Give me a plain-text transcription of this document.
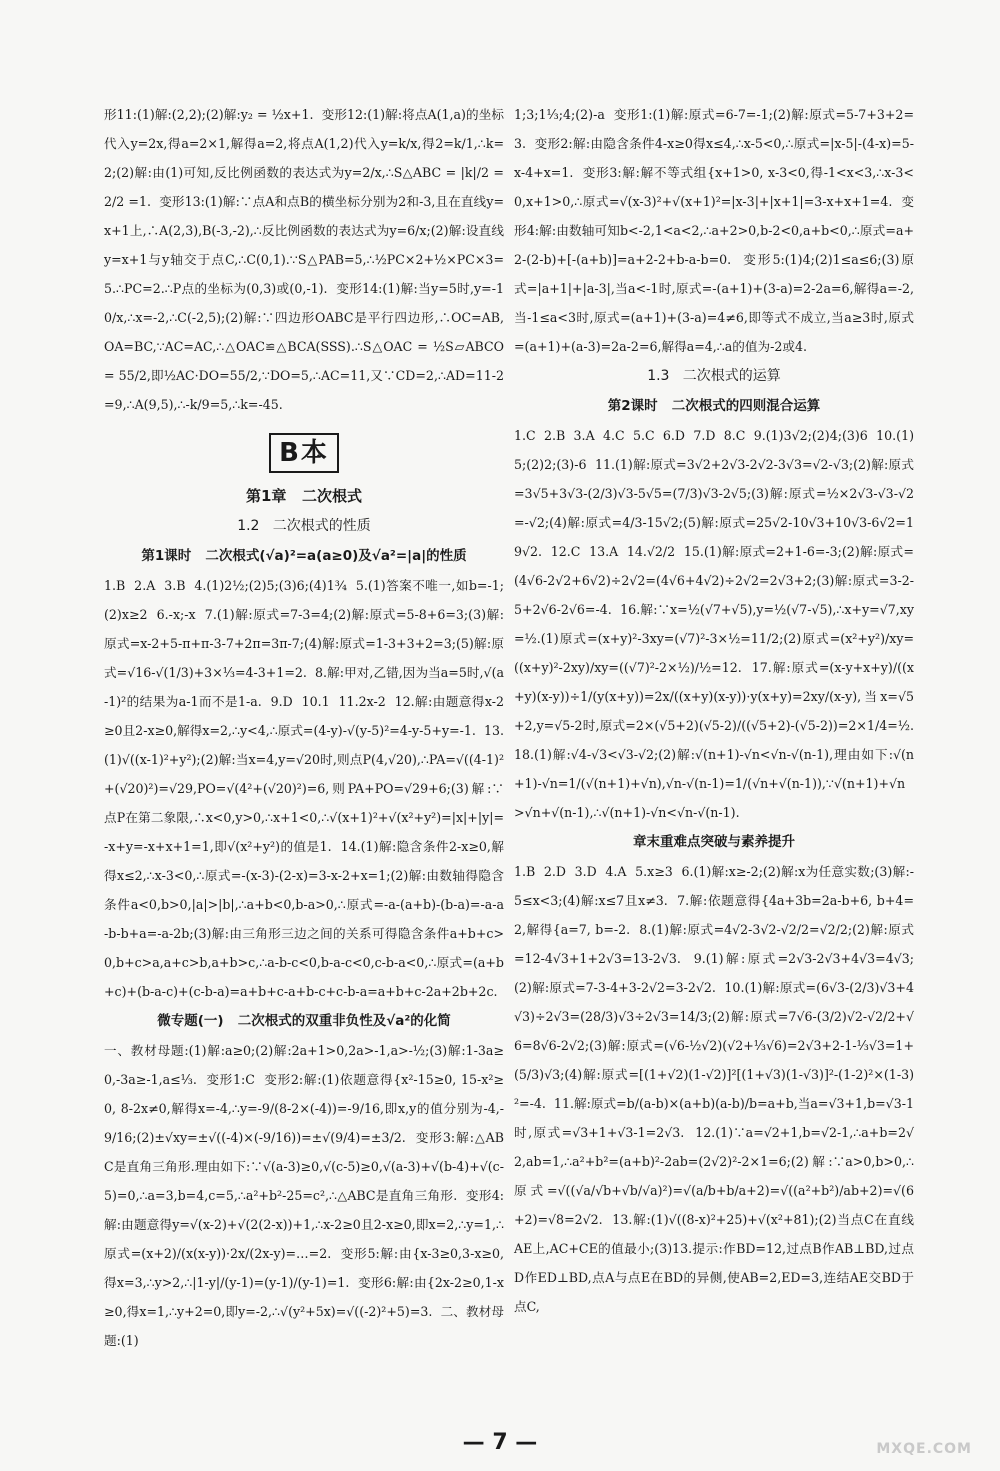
形11:(1)解:(2,2);(2)解:y₂ = ½x+1.  变形12:(1)解:将点A(1,a)的坐标代入y=2x,得a=2×1,解得a=2,将点A(1,2)代入y=k/x,得2=k/1,∴k=2;(2)解:由(1)可知,反比例函数的表达式为y=2/x,∴S△ABC = |k|/2 = 2/2 =1.  变形13:(1)解:∵点A和点B的横坐标分别为2和-3,且在直线y=x+1上,∴A(2,3),B(-3,-2),∴反比例函数的表达式为y=6/x;(2)解:设直线y=x+1与y轴交于点C,∴C(0,1).∵S△PAB=5,∴½PC×2+½×PC×3=5.∴PC=2.∴P点的坐标为(0,3)或(0,-1).  变形14:(1)解:当y=5时,y=-10/x,∴x=-2,∴C(-2,5);(2)解:∵四边形OABC是平行四边形,∴OC=AB,OA=BC,∵AC=AC,∴△OAC≌△BCA(SSS).∴S△OAC = ½S▱ABCO = 55/2,即½AC·DO=55/2,∵DO=5,∴AC=11,又∵CD=2,∴AD=11-2=9,∴A(9,5),∴-k/9=5,∴k=-45.

B本

第1章   二次根式

1.2   二次根式的性质

第1课时   二次根式(√a)²=a(a≥0)及√a²=|a|的性质

1.B  2.A  3.B  4.(1)2½;(2)5;(3)6;(4)1¾  5.(1)答案不唯一,如b=-1;(2)x≥2  6.-x;-x  7.(1)解:原式=7-3=4;(2)解:原式=5-8+6=3;(3)解:原式=x-2+5-π+π-3-7+2π=3π-7;(4)解:原式=1-3+3+2=3;(5)解:原式=√16-√(1/3)+3×⅓=4-3+1=2.  8.解:甲对,乙错,因为当a=5时,√(a-1)²的结果为a-1而不是1-a.  9.D  10.1  11.2x-2  12.解:由题意得x-2≥0且2-x≥0,解得x=2,∴y<4,∴原式=(4-y)-√(y-5)²=4-y-5+y=-1.  13.(1)√((x-1)²+y²);(2)解:当x=4,y=√20时,则点P(4,√20),∴PA=√((4-1)²+(√20)²)=√29,PO=√(4²+(√20)²)=6,则PA+PO=√29+6;(3)解:∵点P在第二象限,∴x<0,y>0,∴x+1<0,∴√(x+1)²+√(x²+y²)=|x|+|y|=-x+y=-x+x+1=1,即√(x²+y²)的值是1.  14.(1)解:隐含条件2-x≥0,解得x≤2,∴x-3<0,∴原式=-(x-3)-(2-x)=3-x-2+x=1;(2)解:由数轴得隐含条件a<0,b>0,|a|>|b|,∴a+b<0,b-a>0,∴原式=-a-(a+b)-(b-a)=-a-a-b-b+a=-a-2b;(3)解:由三角形三边之间的关系可得隐含条件a+b+c>0,b+c>a,a+c>b,a+b>c,∴a-b-c<0,b-a-c<0,c-b-a<0,∴原式=(a+b+c)+(b-a-c)+(c-b-a)=a+b+c-a+b-c+c-b-a=a+b+c-2a+2b+2c.

微专题(一)   二次根式的双重非负性及√a²的化简

一、教材母题:(1)解:a≥0;(2)解:2a+1>0,2a>-1,a>-½;(3)解:1-3a≥0,-3a≥-1,a≤⅓.  变形1:C  变形2:解:(1)依题意得{x²-15≥0, 15-x²≥0, 8-2x≠0,解得x=-4,∴y=-9/(8-2×(-4))=-9/16,即x,y的值分别为-4,-9/16;(2)±√xy=±√((-4)×(-9/16))=±√(9/4)=±3/2.  变形3:解:△ABC是直角三角形.理由如下:∵√(a-3)≥0,√(c-5)≥0,√(a-3)+√(b-4)+√(c-5)=0,∴a=3,b=4,c=5,∴a²+b²-25=c²,∴△ABC是直角三角形.  变形4:解:由题意得y=√(x-2)+√(2(2-x))+1,∴x-2≥0且2-x≥0,即x=2,∴y=1,∴原式=(x+2)/(x(x-y))·2x/(2x-y)=…=2.  变形5:解:由{x-3≥0,3-x≥0,得x=3,∴y>2,∴|1-y|/(y-1)=(y-1)/(y-1)=1.  变形6:解:由{2x-2≥0,1-x≥0,得x=1,∴y+2=0,即y=-2,∴√(y²+5x)=√((-2)²+5)=3.  二、教材母题:(1)

1;3;1⅓;4;(2)-a  变形1:(1)解:原式=6-7=-1;(2)解:原式=5-7+3+2=3.  变形2:解:由隐含条件4-x≥0得x≤4,∴x-5<0,∴原式=|x-5|-(4-x)=5-x-4+x=1.  变形3:解:解不等式组{x+1>0, x-3<0,得-1<x<3,∴x-3<0,x+1>0,∴原式=√(x-3)²+√(x+1)²=|x-3|+|x+1|=3-x+x+1=4.  变形4:解:由数轴可知b<-2,1<a<2,∴a+2>0,b-2<0,a+b<0,∴原式=a+2-(2-b)+[-(a+b)]=a+2-2+b-a-b=0.  变形5:(1)4;(2)1≤a≤6;(3)原式=|a+1|+|a-3|,当a<-1时,原式=-(a+1)+(3-a)=2-2a=6,解得a=-2,当-1≤a<3时,原式=(a+1)+(3-a)=4≠6,即等式不成立,当a≥3时,原式=(a+1)+(a-3)=2a-2=6,解得a=4,∴a的值为-2或4.

1.3   二次根式的运算

第2课时   二次根式的四则混合运算

1.C  2.B  3.A  4.C  5.C  6.D  7.D  8.C  9.(1)3√2;(2)4;(3)6  10.(1)5;(2)2;(3)-6  11.(1)解:原式=3√2+2√3-2√2-3√3=√2-√3;(2)解:原式=3√5+3√3-(2/3)√3-5√5=(7/3)√3-2√5;(3)解:原式=½×2√3-√3-√2=-√2;(4)解:原式=4/3-15√2;(5)解:原式=25√2-10√3+10√3-6√2=19√2.  12.C  13.A  14.√2/2  15.(1)解:原式=2+1-6=-3;(2)解:原式=(4√6-2√2+6√2)÷2√2=(4√6+4√2)÷2√2=2√3+2;(3)解:原式=3-2-5+2√6-2√6=-4.  16.解:∵x=½(√7+√5),y=½(√7-√5),∴x+y=√7,xy=½.(1)原式=(x+y)²-3xy=(√7)²-3×½=11/2;(2)原式=(x²+y²)/xy=((x+y)²-2xy)/xy=((√7)²-2×½)/½=12.  17.解:原式=(x-y+x+y)/((x+y)(x-y))÷1/(y(x+y))=2x/((x+y)(x-y))·y(x+y)=2xy/(x-y),当x=√5+2,y=√5-2时,原式=2×(√5+2)(√5-2)/((√5+2)-(√5-2))=2×1/4=½.  18.(1)解:√4-√3<√3-√2;(2)解:√(n+1)-√n<√n-√(n-1),理由如下:√(n+1)-√n=1/(√(n+1)+√n),√n-√(n-1)=1/(√n+√(n-1)),∵√(n+1)+√n>√n+√(n-1),∴√(n+1)-√n<√n-√(n-1).

章末重难点突破与素养提升

1.B  2.D  3.D  4.A  5.x≥3  6.(1)解:x≥-2;(2)解:x为任意实数;(3)解:-5≤x<3;(4)解:x≤7且x≠3.  7.解:依题意得{4a+3b=2a-b+6, b+4=2,解得{a=7, b=-2.  8.(1)解:原式=4√2-3√2-√2/2=√2/2;(2)解:原式=12-4√3+1+2√3=13-2√3.  9.(1)解:原式=2√3-2√3+4√3=4√3;(2)解:原式=7-3-4+3-2√2=3-2√2.  10.(1)解:原式=(6√3-(2/3)√3+4√3)÷2√3=(28/3)√3÷2√3=14/3;(2)解:原式=7√6-(3/2)√2-√2/2+√6=8√6-2√2;(3)解:原式=(√6-½√2)(√2+⅓√6)=2√3+2-1-⅓√3=1+(5/3)√3;(4)解:原式=[(1+√2)(1-√2)]²[(1+√3)(1-√3)]²-(1-2)²×(1-3)²=-4.  11.解:原式=b/(a-b)×(a+b)(a-b)/b=a+b,当a=√3+1,b=√3-1时,原式=√3+1+√3-1=2√3.  12.(1)∵a=√2+1,b=√2-1,∴a+b=2√2,ab=1,∴a²+b²=(a+b)²-2ab=(2√2)²-2×1=6;(2)解:∵a>0,b>0,∴原式=√((√a/√b+√b/√a)²)=√(a/b+b/a+2)=√((a²+b²)/ab+2)=√(6+2)=√8=2√2.  13.解:(1)√((8-x)²+25)+√(x²+81);(2)当点C在直线AE上,AC+CE的值最小;(3)13.提示:作BD=12,过点B作AB⊥BD,过点D作ED⊥BD,点A与点E在BD的异侧,使AB=2,ED=3,连结AE交BD于点C,

— 7 —	MXQE.COM
